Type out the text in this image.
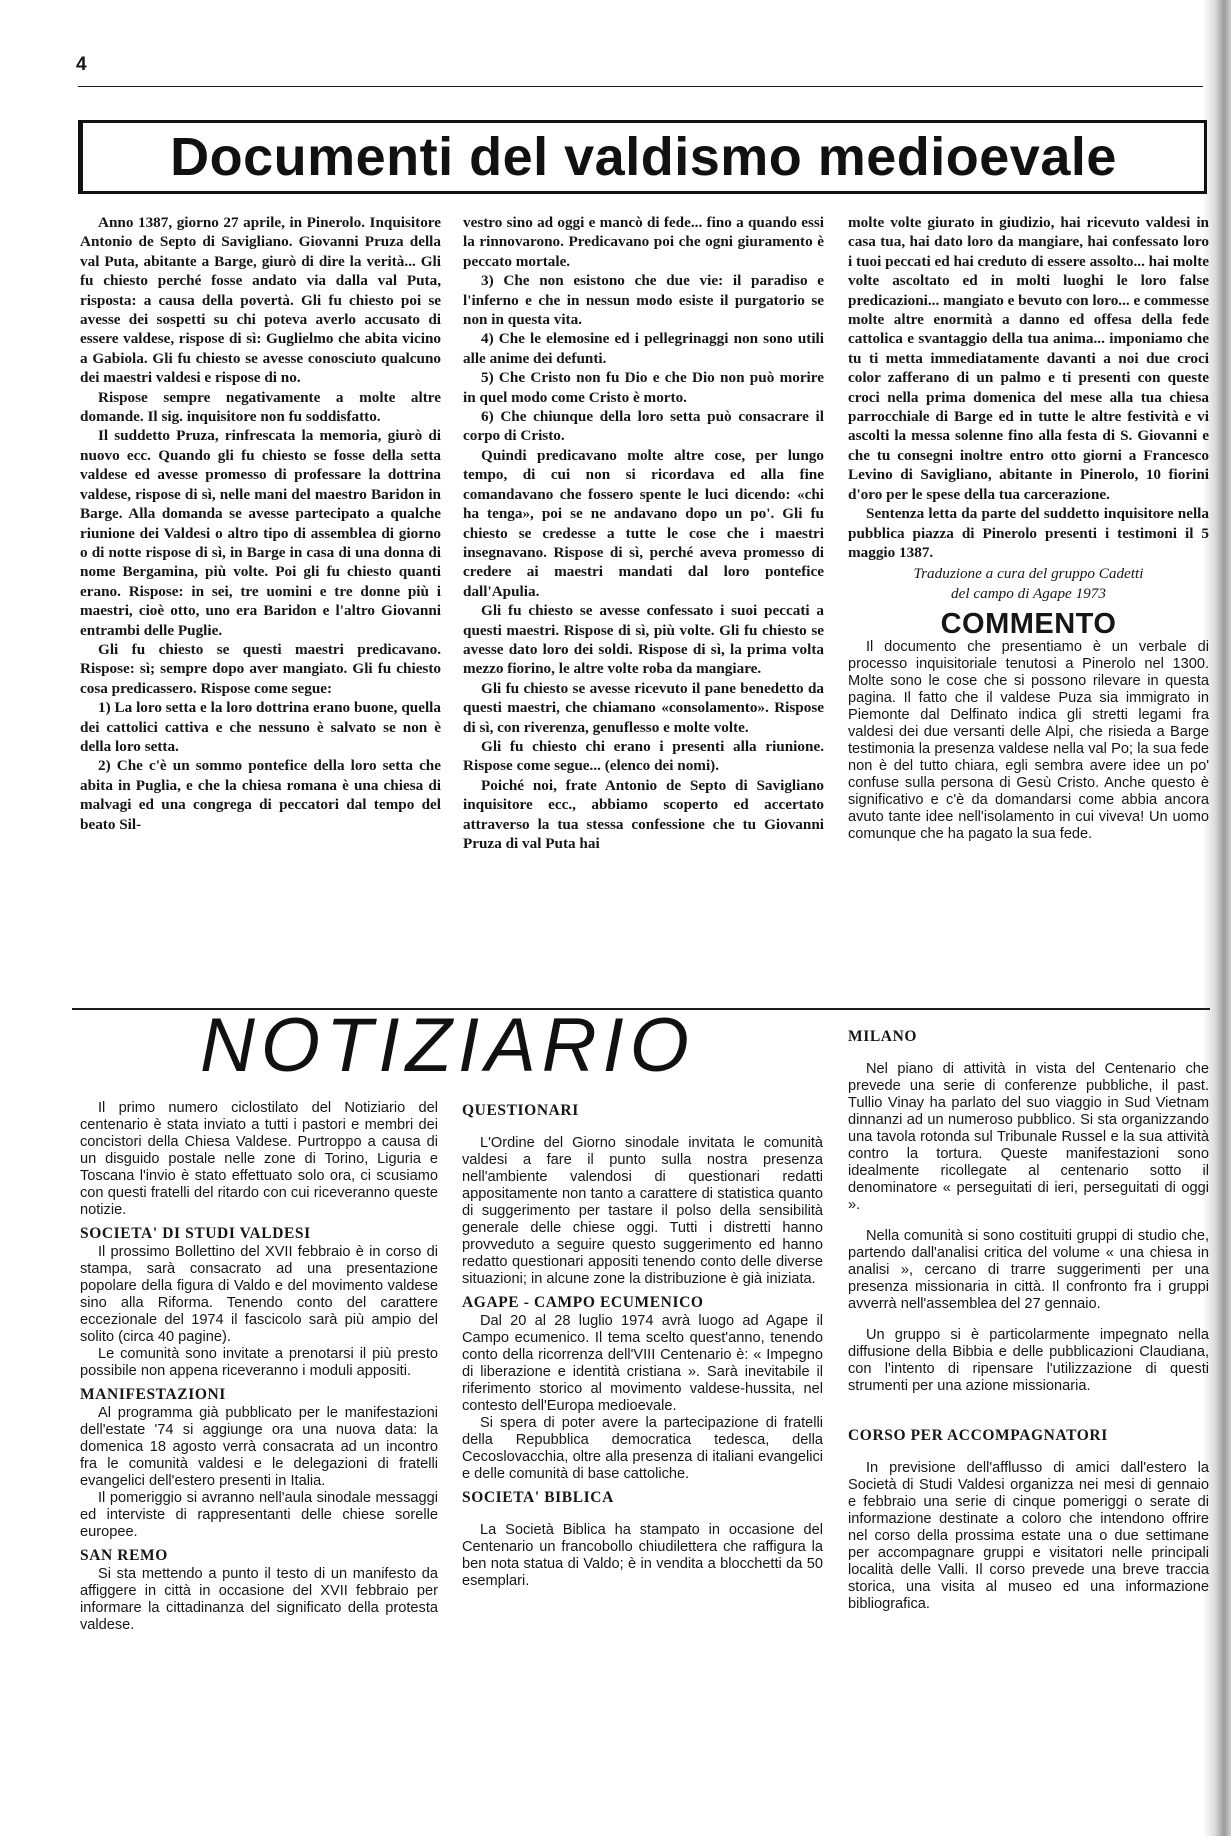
4
Documenti del valdismo medioevale

Anno 1387, giorno 27 aprile, in Pinerolo. Inquisitore Antonio de Septo di Savigliano. Giovanni Pruza della val Puta, abitante a Barge, giurò di dire la verità... Gli fu chiesto perché fosse andato via dalla val Puta, risposta: a causa della povertà. Gli fu chiesto poi se avesse dei sospetti su chi poteva averlo accusato di essere valdese, rispose di sì: Guglielmo che abita vicino a Gabiola. Gli fu chiesto se avesse conosciuto qualcuno dei maestri valdesi e rispose di no.

Rispose sempre negativamente a molte altre domande. Il sig. inquisitore non fu soddisfatto.

Il suddetto Pruza, rinfrescata la memoria, giurò di nuovo ecc. Quando gli fu chiesto se fosse della setta valdese ed avesse promesso di professare la dottrina valdese, rispose di sì, nelle mani del maestro Baridon in Barge. Alla domanda se avesse partecipato a qualche riunione dei Valdesi o altro tipo di assemblea di giorno o di notte rispose di sì, in Barge in casa di una donna di nome Bergamina, più volte. Poi gli fu chiesto quanti erano. Rispose: in sei, tre uomini e tre donne più i maestri, cioè otto, uno era Baridon e l'altro Giovanni entrambi delle Puglie.

Gli fu chiesto se questi maestri predicavano. Rispose: sì; sempre dopo aver mangiato. Gli fu chiesto cosa predicassero. Rispose come segue:

1) La loro setta e la loro dottrina erano buone, quella dei cattolici cattiva e che nessuno è salvato se non è della loro setta.

2) Che c'è un sommo pontefice della loro setta che abita in Puglia, e che la chiesa romana è una chiesa di malvagi ed una congrega di peccatori dal tempo del beato Sil-

vestro sino ad oggi e mancò di fede... fino a quando essi la rinnovarono. Predicavano poi che ogni giuramento è peccato mortale.

3) Che non esistono che due vie: il paradiso e l'inferno e che in nessun modo esiste il purgatorio se non in questa vita.

4) Che le elemosine ed i pellegrinaggi non sono utili alle anime dei defunti.

5) Che Cristo non fu Dio e che Dio non può morire in quel modo come Cristo è morto.

6) Che chiunque della loro setta può consacrare il corpo di Cristo.

Quindi predicavano molte altre cose, per lungo tempo, di cui non si ricordava ed alla fine comandavano che fossero spente le luci dicendo: «chi ha tenga», poi se ne andavano dopo un po'. Gli fu chiesto se credesse a tutte le cose che i maestri insegnavano. Rispose di sì, perché aveva promesso di credere ai maestri mandati dal loro pontefice dall'Apulia.

Gli fu chiesto se avesse confessato i suoi peccati a questi maestri. Rispose di sì, più volte. Gli fu chiesto se avesse dato loro dei soldi. Rispose di sì, la prima volta mezzo fiorino, le altre volte roba da mangiare.

Gli fu chiesto se avesse ricevuto il pane benedetto da questi maestri, che chiamano «consolamento». Rispose di sì, con riverenza, genuflesso e molte volte.

Gli fu chiesto chi erano i presenti alla riunione. Rispose come segue... (elenco dei nomi).

Poiché noi, frate Antonio de Septo di Savigliano inquisitore ecc., abbiamo scoperto ed accertato attraverso la tua stessa confessione che tu Giovanni Pruza di val Puta hai

molte volte giurato in giudizio, hai ricevuto valdesi in casa tua, hai dato loro da mangiare, hai confessato loro i tuoi peccati ed hai creduto di essere assolto... hai molte volte ascoltato ed in molti luoghi le loro false predicazioni... mangiato e bevuto con loro... e commesse molte altre enormità a danno ed offesa della fede cattolica e svantaggio della tua anima... imponiamo che tu ti metta immediatamente davanti a noi due croci color zafferano di un palmo e ti presenti con queste croci nella prima domenica del mese alla tua chiesa parrocchiale di Barge ed in tutte le altre festività e vi ascolti la messa solenne fino alla festa di S. Giovanni e che tu consegni inoltre entro otto giorni a Francesco Levino di Savigliano, abitante in Pinerolo, 10 fiorini d'oro per le spese della tua carcerazione.

Sentenza letta da parte del suddetto inquisitore nella pubblica piazza di Pinerolo presenti i testimoni il 5 maggio 1387.

Traduzione a cura del gruppo Cadetti
del campo di Agape 1973

COMMENTO

Il documento che presentiamo è un verbale di processo inquisitoriale tenutosi a Pinerolo nel 1300. Molte sono le cose che si possono rilevare in questa pagina. Il fatto che il valdese Puza sia immigrato in Piemonte dal Delfinato indica gli stretti legami fra valdesi dei due versanti delle Alpi, che risieda a Barge testimonia la presenza valdese nella val Po; la sua fede non è del tutto chiara, egli sembra avere idee un po' confuse sulla persona di Gesù Cristo. Anche questo è significativo e c'è da domandarsi come abbia ancora avuto tante idee nell'isolamento in cui viveva! Un uomo comunque che ha pagato la sua fede.

NOTIZIARIO

Il primo numero ciclostilato del Notiziario del centenario è stata inviato a tutti i pastori e membri dei concistori della Chiesa Valdese. Purtroppo a causa di un disguido postale nelle zone di Torino, Liguria e Toscana l'invio è stato effettuato solo ora, ci scusiamo con questi fratelli del ritardo con cui riceveranno queste notizie.

SOCIETA' DI STUDI VALDESI

Il prossimo Bollettino del XVII febbraio è in corso di stampa, sarà consacrato ad una presentazione popolare della figura di Valdo e del movimento valdese sino alla Riforma. Tenendo conto del carattere eccezionale del 1974 il fascicolo sarà più ampio del solito (circa 40 pagine).

Le comunità sono invitate a prenotarsi il più presto possibile non appena riceveranno i moduli appositi.

MANIFESTAZIONI

Al programma già pubblicato per le manifestazioni dell'estate '74 si aggiunge ora una nuova data: la domenica 18 agosto verrà consacrata ad un incontro fra le comunità valdesi e le delegazioni di fratelli evangelici dell'estero presenti in Italia.

Il pomeriggio si avranno nell'aula sinodale messaggi ed interviste di rappresentanti delle chiese sorelle europee.

SAN REMO

Si sta mettendo a punto il testo di un manifesto da affiggere in città in occasione del XVII febbraio per informare la cittadinanza del significato della protesta valdese.

QUESTIONARI

L'Ordine del Giorno sinodale invitata le comunità valdesi a fare il punto sulla nostra presenza nell'ambiente valendosi di questionari redatti appositamente non tanto a carattere di statistica quanto di suggerimento per tastare il polso della sensibilità generale delle chiese oggi. Tutti i distretti hanno provveduto a seguire questo suggerimento ed hanno redatto questionari appositi tenendo conto delle diverse situazioni; in alcune zone la distribuzione è già iniziata.

AGAPE - CAMPO ECUMENICO

Dal 20 al 28 luglio 1974 avrà luogo ad Agape il Campo ecumenico. Il tema scelto quest'anno, tenendo conto della ricorrenza dell'VIII Centenario è: « Impegno di liberazione e identità cristiana ». Sarà inevitabile il riferimento storico al movimento valdese-hussita, nel contesto dell'Europa medioevale.

Si spera di poter avere la partecipazione di fratelli della Repubblica democratica tedesca, della Cecoslovacchia, oltre alla presenza di italiani evangelici e delle comunità di base cattoliche.

SOCIETA' BIBLICA

La Società Biblica ha stampato in occasione del Centenario un francobollo chiudilettera che raffigura la ben nota statua di Valdo; è in vendita a blocchetti da 50 esemplari.

MILANO

Nel piano di attività in vista del Centenario che prevede una serie di conferenze pubbliche, il past. Tullio Vinay ha parlato del suo viaggio in Sud Vietnam dinnanzi ad un numeroso pubblico. Si sta organizzando una tavola rotonda sul Tribunale Russel e la sua attività contro la tortura. Queste manifestazioni sono idealmente ricollegate al centenario sotto il denominatore « perseguitati di ieri, perseguitati di oggi ».

Nella comunità si sono costituiti gruppi di studio che, partendo dall'analisi critica del volume « una chiesa in analisi », cercano di trarre suggerimenti per una presenza missionaria in città. Il confronto fra i gruppi avverrà nell'assemblea del 27 gennaio.

Un gruppo si è particolarmente impegnato nella diffusione della Bibbia e delle pubblicazioni Claudiana, con l'intento di ripensare l'utilizzazione di questi strumenti per una azione missionaria.

CORSO PER ACCOMPAGNATORI

In previsione dell'afflusso di amici dall'estero la Società di Studi Valdesi organizza nei mesi di gennaio e febbraio una serie di cinque pomeriggi o serate di informazione destinate a coloro che intendono offrire nel corso della prossima estate una o due settimane per accompagnare gruppi e visitatori nelle principali località delle Valli. Il corso prevede una breve traccia storica, una visita al museo ed una informazione bibliografica.
